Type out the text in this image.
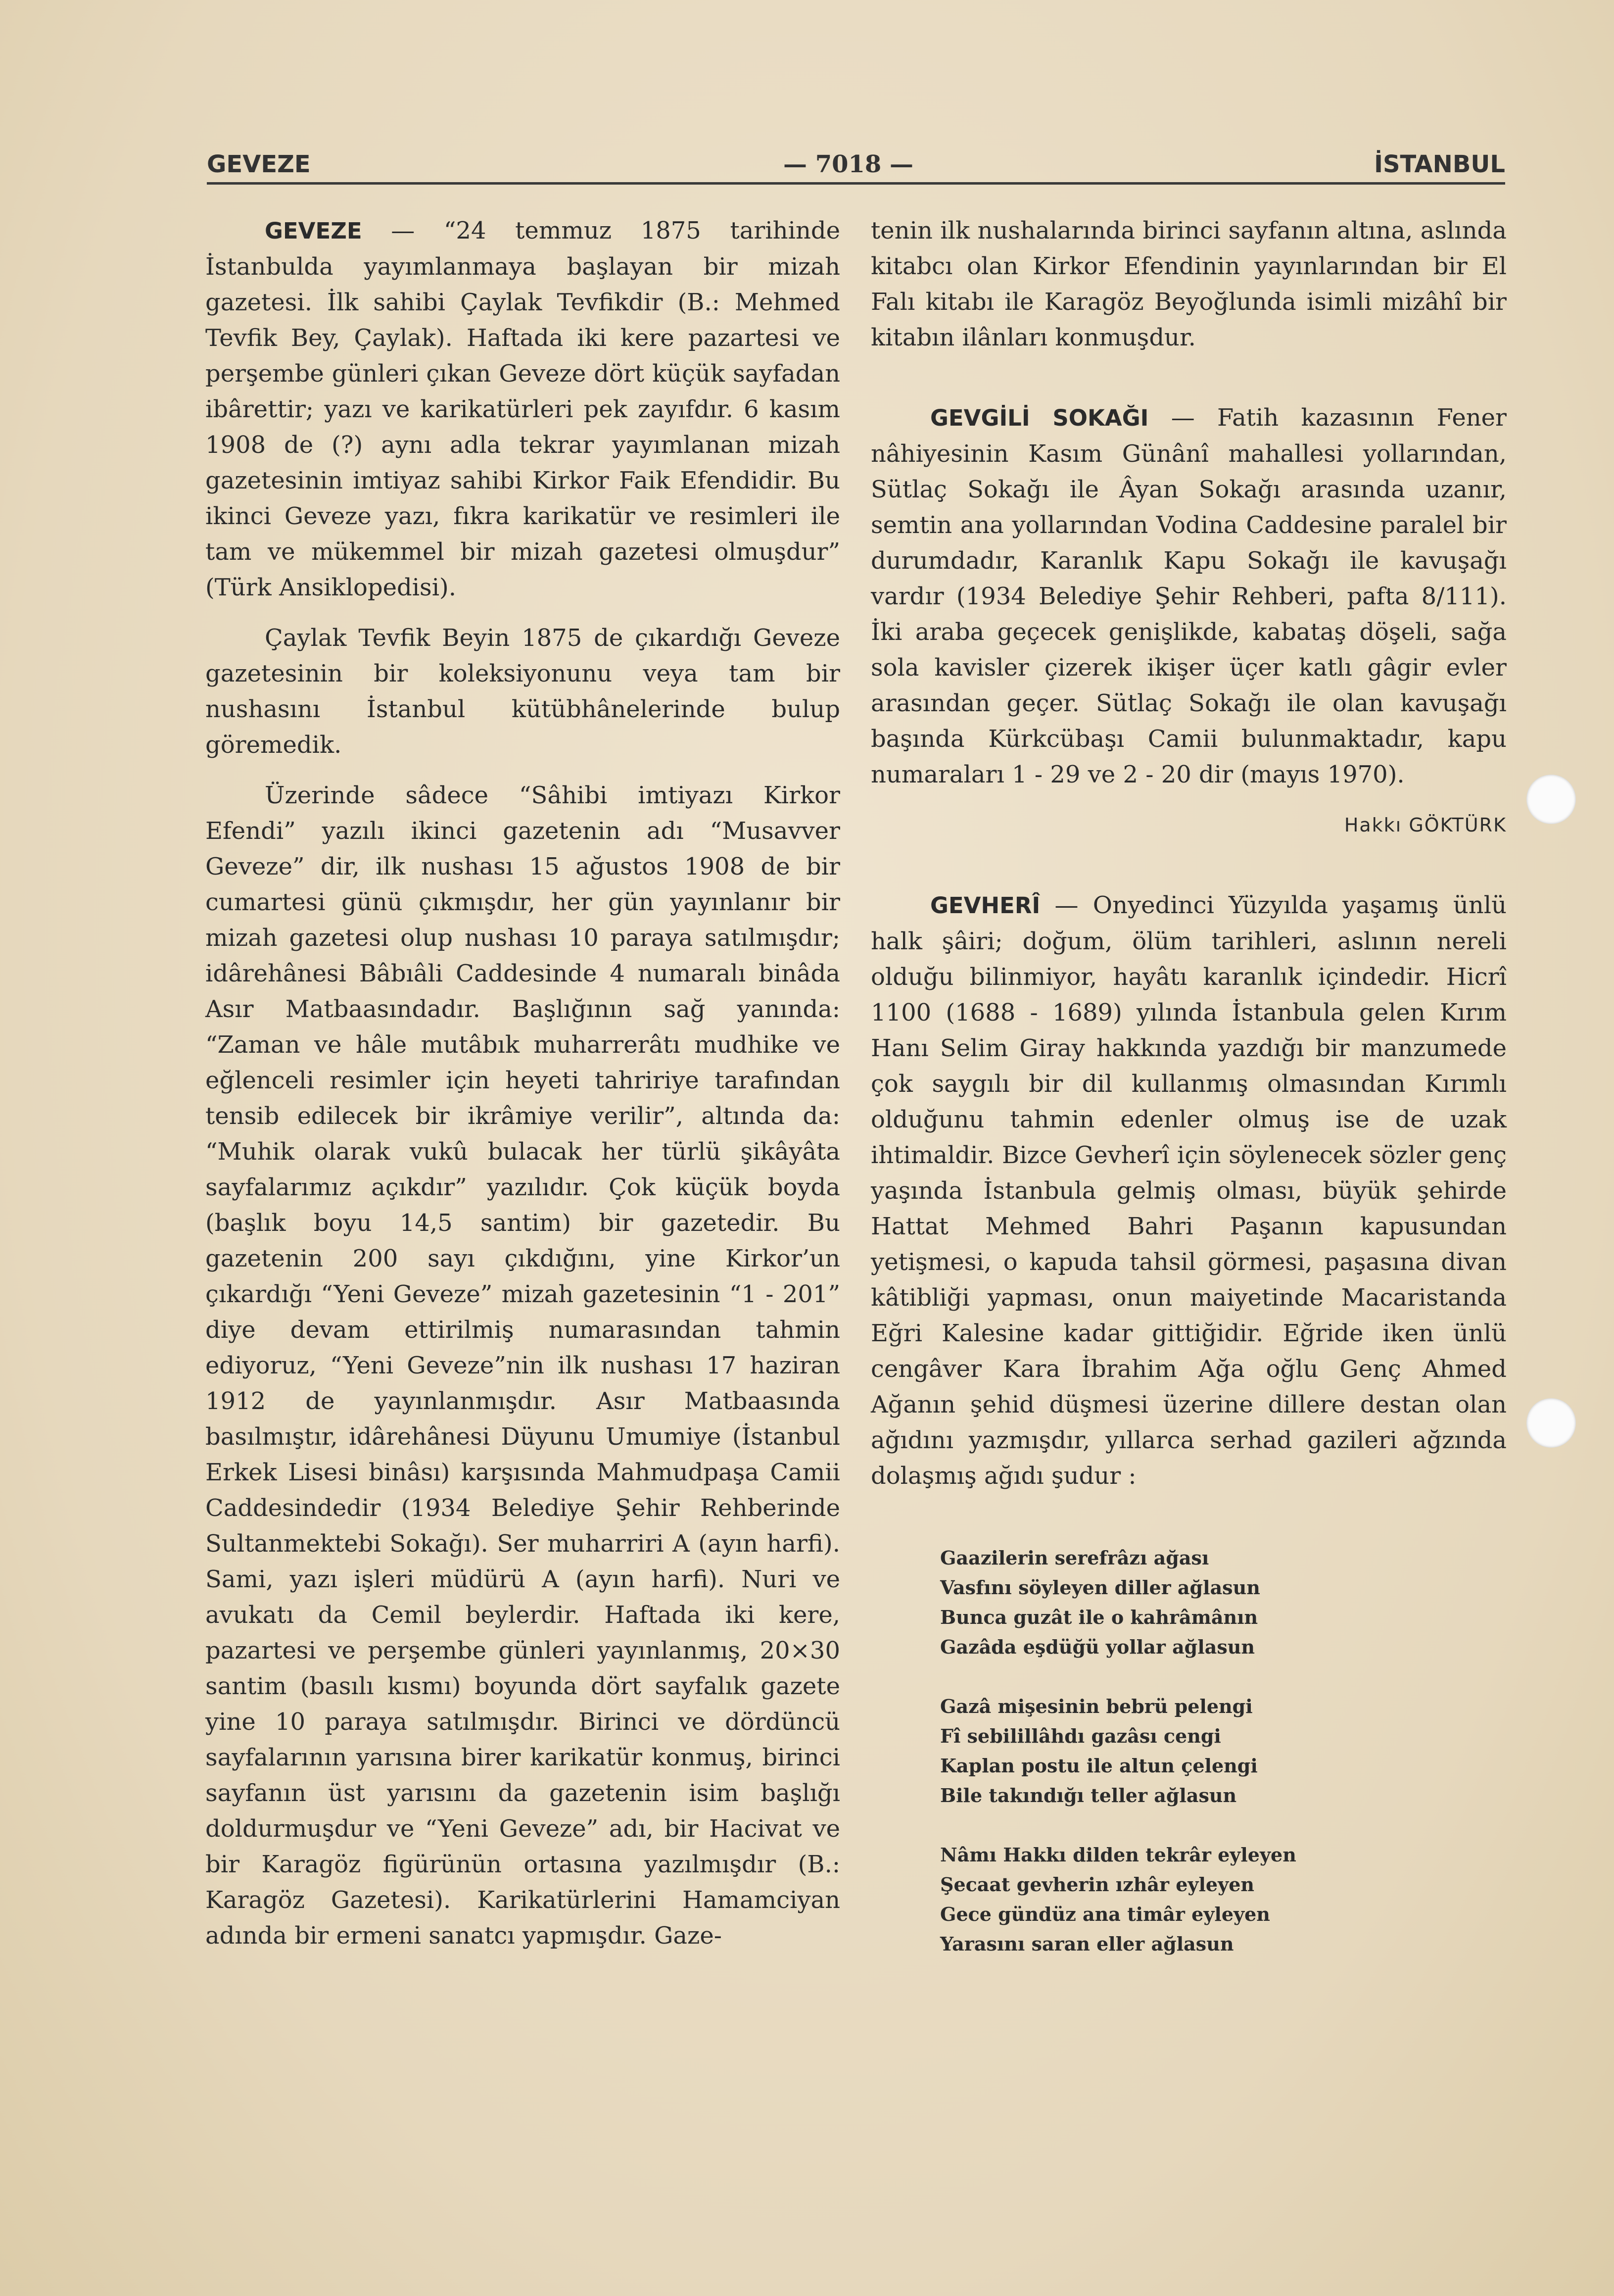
GEVEZE	— 7018 —	İSTANBUL

GEVEZE — “24 temmuz 1875 tarihinde İstanbulda yayımlanmaya başlayan bir mizah gazetesi. İlk sahibi Çaylak Tevfikdir (B.: Mehmed Tevfik Bey, Çaylak). Haftada iki kere pazartesi ve perşembe günleri çıkan Geveze dört küçük sayfadan ibârettir; yazı ve karikatürleri pek zayıfdır. 6 kasım 1908 de (?) aynı adla tekrar yayımlanan mizah gazetesinin imtiyaz sahibi Kirkor Faik Efendidir. Bu ikinci Geveze yazı, fıkra karikatür ve resimleri ile tam ve mükemmel bir mizah gazetesi olmuşdur” (Türk Ansiklopedisi).

Çaylak Tevfik Beyin 1875 de çıkardığı Geveze gazetesinin bir koleksiyonunu veya tam bir nushasını İstanbul kütübhânelerinde bulup göremedik.

Üzerinde sâdece “Sâhibi imtiyazı Kirkor Efendi” yazılı ikinci gazetenin adı “Musavver Geveze” dir, ilk nushası 15 ağustos 1908 de bir cumartesi günü çıkmışdır, her gün yayınlanır bir mizah gazetesi olup nushası 10 paraya satılmışdır; idârehânesi Bâbıâli Caddesinde 4 numaralı binâda Asır Matbaasındadır. Başlığının sağ yanında: “Zaman ve hâle mutâbık muharrerâtı mudhike ve eğlenceli resimler için heyeti tahririye tarafından tensib edilecek bir ikrâmiye verilir”, altında da: “Muhik olarak vukû bulacak her türlü şikâyâta sayfalarımız açıkdır” yazılıdır. Çok küçük boyda (başlık boyu 14,5 santim) bir gazetedir. Bu gazetenin 200 sayı çıkdığını, yine Kirkor’un çıkardığı “Yeni Geveze” mizah gazetesinin “1 - 201” diye devam ettirilmiş numarasından tahmin ediyoruz, “Yeni Geveze”nin ilk nushası 17 haziran 1912 de yayınlanmışdır. Asır Matbaasında basılmıştır, idârehânesi Düyunu Umumiye (İstanbul Erkek Lisesi binâsı) karşısında Mahmudpaşa Camii Caddesindedir (1934 Belediye Şehir Rehberinde Sultanmektebi Sokağı). Ser muharriri A (ayın harfi). Sami, yazı işleri müdürü A (ayın harfi). Nuri ve avukatı da Cemil beylerdir. Haftada iki kere, pazartesi ve perşembe günleri yayınlanmış, 20×30 santim (basılı kısmı) boyunda dört sayfalık gazete yine 10 paraya satılmışdır. Birinci ve dördüncü sayfalarının yarısına birer karikatür konmuş, birinci sayfanın üst yarısını da gazetenin isim başlığı doldurmuşdur ve “Yeni Geveze” adı, bir Hacivat ve bir Karagöz figürünün ortasına yazılmışdır (B.: Karagöz Gazetesi). Karikatürlerini Hamamciyan adında bir ermeni sanatcı yapmışdır. Gaze-

tenin ilk nushalarında birinci sayfanın altına, aslında kitabcı olan Kirkor Efendinin yayınlarından bir El Falı kitabı ile Karagöz Beyoğlunda isimli mizâhî bir kitabın ilânları konmuşdur.

GEVGİLİ SOKAĞI — Fatih kazasının Fener nâhiyesinin Kasım Günânî mahallesi yollarından, Sütlaç Sokağı ile Âyan Sokağı arasında uzanır, semtin ana yollarından Vodina Caddesine paralel bir durumdadır, Karanlık Kapu Sokağı ile kavuşağı vardır (1934 Belediye Şehir Rehberi, pafta 8/111). İki araba geçecek genişlikde, kabataş döşeli, sağa sola kavisler çizerek ikişer üçer katlı gâgir evler arasından geçer. Sütlaç Sokağı ile olan kavuşağı başında Kürkcübaşı Camii bulunmaktadır, kapu numaraları 1 - 29 ve 2 - 20 dir (mayıs 1970).

Hakkı GÖKTÜRK

GEVHERÎ — Onyedinci Yüzyılda yaşamış ünlü halk şâiri; doğum, ölüm tarihleri, aslının nereli olduğu bilinmiyor, hayâtı karanlık içindedir. Hicrî 1100 (1688 - 1689) yılında İstanbula gelen Kırım Hanı Selim Giray hakkında yazdığı bir manzumede çok saygılı bir dil kullanmış olmasından Kırımlı olduğunu tahmin edenler olmuş ise de uzak ihtimaldir. Bizce Gevherî için söylenecek sözler genç yaşında İstanbula gelmiş olması, büyük şehirde Hattat Mehmed Bahri Paşanın kapusundan yetişmesi, o kapuda tahsil görmesi, paşasına divan kâtibliği yapması, onun maiyetinde Macaristanda Eğri Kalesine kadar gittiğidir. Eğride iken ünlü cengâver Kara İbrahim Ağa oğlu Genç Ahmed Ağanın şehid düşmesi üzerine dillere destan olan ağıdını yazmışdır, yıllarca serhad gazileri ağzında dolaşmış ağıdı şudur :

Gaazilerin serefrâzı ağası
Vasfını söyleyen diller ağlasun
Bunca guzât ile o kahrâmânın
Gazâda eşdüğü yollar ağlasun
Gazâ mişesinin bebrü pelengi
Fî sebilillâhdı gazâsı cengi
Kaplan postu ile altun çelengi
Bile takındığı teller ağlasun
Nâmı Hakkı dilden tekrâr eyleyen
Şecaat gevherin ızhâr eyleyen
Gece gündüz ana timâr eyleyen
Yarasını saran eller ağlasun
